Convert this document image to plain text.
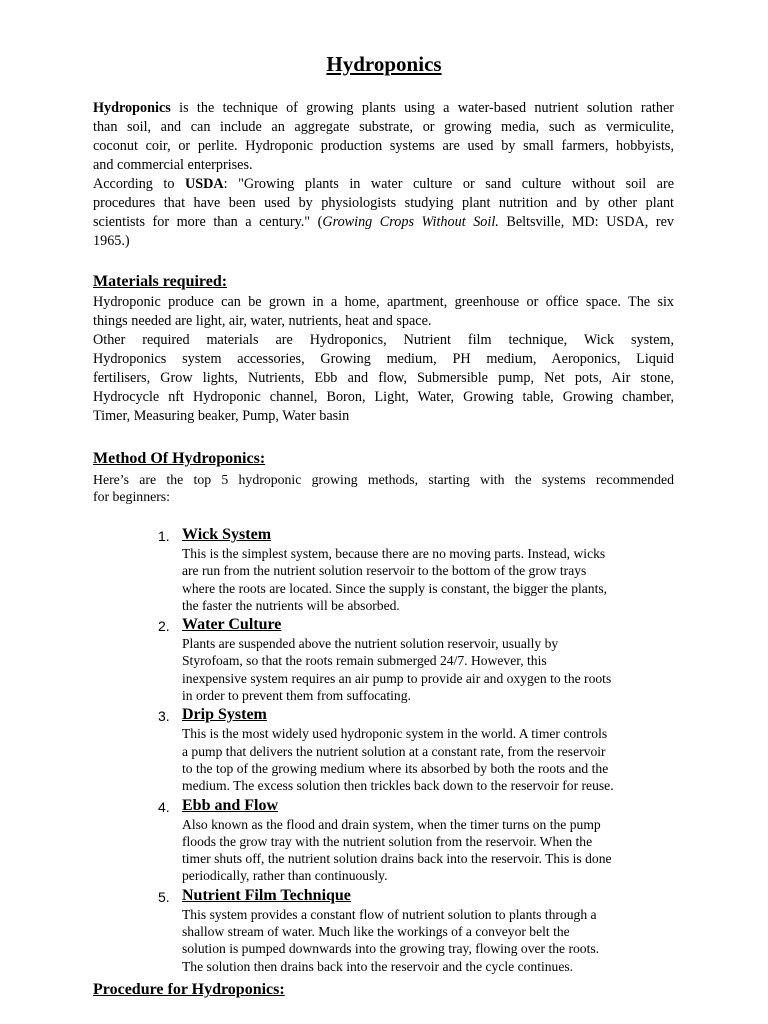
Hydroponics
Hydroponics is the technique of growing plants using a water-based nutrient solution rather
than soil, and can include an aggregate substrate, or growing media, such as vermiculite,
coconut coir, or perlite. Hydroponic production systems are used by small farmers, hobbyists,
and commercial enterprises.
According to USDA: "Growing plants in water culture or sand culture without soil are
procedures that have been used by physiologists studying plant nutrition and by other plant
scientists for more than a century." (Growing Crops Without Soil. Beltsville, MD: USDA, rev
1965.)
Materials required:
Hydroponic produce can be grown in a home, apartment, greenhouse or office space. The six
things needed are light, air, water, nutrients, heat and space.
Other required materials are Hydroponics, Nutrient film technique, Wick system,
Hydroponics system accessories, Growing medium, PH medium, Aeroponics, Liquid
fertilisers, Grow lights, Nutrients, Ebb and flow, Submersible pump, Net pots, Air stone,
Hydrocycle nft Hydroponic channel, Boron, Light, Water, Growing table, Growing chamber,
Timer, Measuring beaker, Pump, Water basin
Method Of Hydroponics:
Here’s are the top 5 hydroponic growing methods, starting with the systems recommended
for beginners:
1. Wick System
This is the simplest system, because there are no moving parts. Instead, wicks
are run from the nutrient solution reservoir to the bottom of the grow trays
where the roots are located. Since the supply is constant, the bigger the plants,
the faster the nutrients will be absorbed.
2. Water Culture
Plants are suspended above the nutrient solution reservoir, usually by
Styrofoam, so that the roots remain submerged 24/7. However, this
inexpensive system requires an air pump to provide air and oxygen to the roots
in order to prevent them from suffocating.
3. Drip System
This is the most widely used hydroponic system in the world. A timer controls
a pump that delivers the nutrient solution at a constant rate, from the reservoir
to the top of the growing medium where its absorbed by both the roots and the
medium. The excess solution then trickles back down to the reservoir for reuse.
4. Ebb and Flow
Also known as the flood and drain system, when the timer turns on the pump
floods the grow tray with the nutrient solution from the reservoir. When the
timer shuts off, the nutrient solution drains back into the reservoir. This is done
periodically, rather than continuously.
5. Nutrient Film Technique
This system provides a constant flow of nutrient solution to plants through a
shallow stream of water. Much like the workings of a conveyor belt the
solution is pumped downwards into the growing tray, flowing over the roots.
The solution then drains back into the reservoir and the cycle continues.
Procedure for Hydroponics:
